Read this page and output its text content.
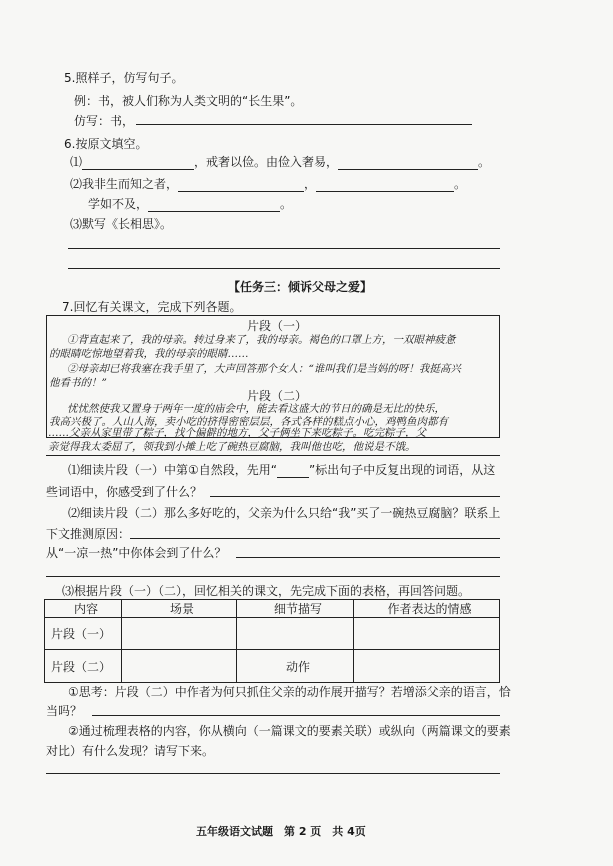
5.照样子，仿写句子。
例：书，被人们称为人类文明的“长生果”。
仿写：书，
6.按原文填空。
⑴	，戒奢以俭。由俭入奢易，	。
⑵我非生而知之者，	，	。
学如不及，	。
⑶默写《长相思》。
【任务三：倾诉父母之爱】
7.回忆有关课文，完成下列各题。
片段（一）
①背直起来了，我的母亲。转过身来了，我的母亲。褐色的口罩上方，一双眼神疲惫
的眼睛吃惊地望着我，我的母亲的眼睛……
②母亲却已将我塞在我手里了，大声回答那个女人：“谁叫我们是当妈的呀！我挺高兴
他看书的！”
片段（二）
忧忧然使我又置身于两年一度的庙会中，能去看这盛大的节日的确是无比的快乐，
我高兴极了。人山人海，卖小吃的挤得密密层层，各式各样的糕点小心，鸡鸭鱼肉都有
……父亲从家里带了粽子，找个偏僻的地方，父子俩坐下来吃粽子。吃完粽子，父
亲觉得我太委屈了，领我到小摊上吃了碗热豆腐脑，我叫他也吃，他说是不饿。
⑴细读片段（一）中第①自然段，先用“	”标出句子中反复出现的词语，从这
些词语中，你感受到了什么？
⑵细读片段（二）那么多好吃的，父亲为什么只给“我”买了一碗热豆腐脑？联系上
下文推测原因：
从“一凉一热”中你体会到了什么？
⑶根据片段（一）（二），回忆相关的课文，先完成下面的表格，再回答问题。
内容	场景	细节描写	作者表达的情感
片段（一）			
片段（二）		动作	
①思考：片段（二）中作者为何只抓住父亲的动作展开描写？若增添父亲的语言，恰
当吗？
②通过梳理表格的内容，你从横向（一篇课文的要素关联）或纵向（两篇课文的要素
对比）有什么发现？请写下来。
五年级语文试题　第 2 页　共 4页
